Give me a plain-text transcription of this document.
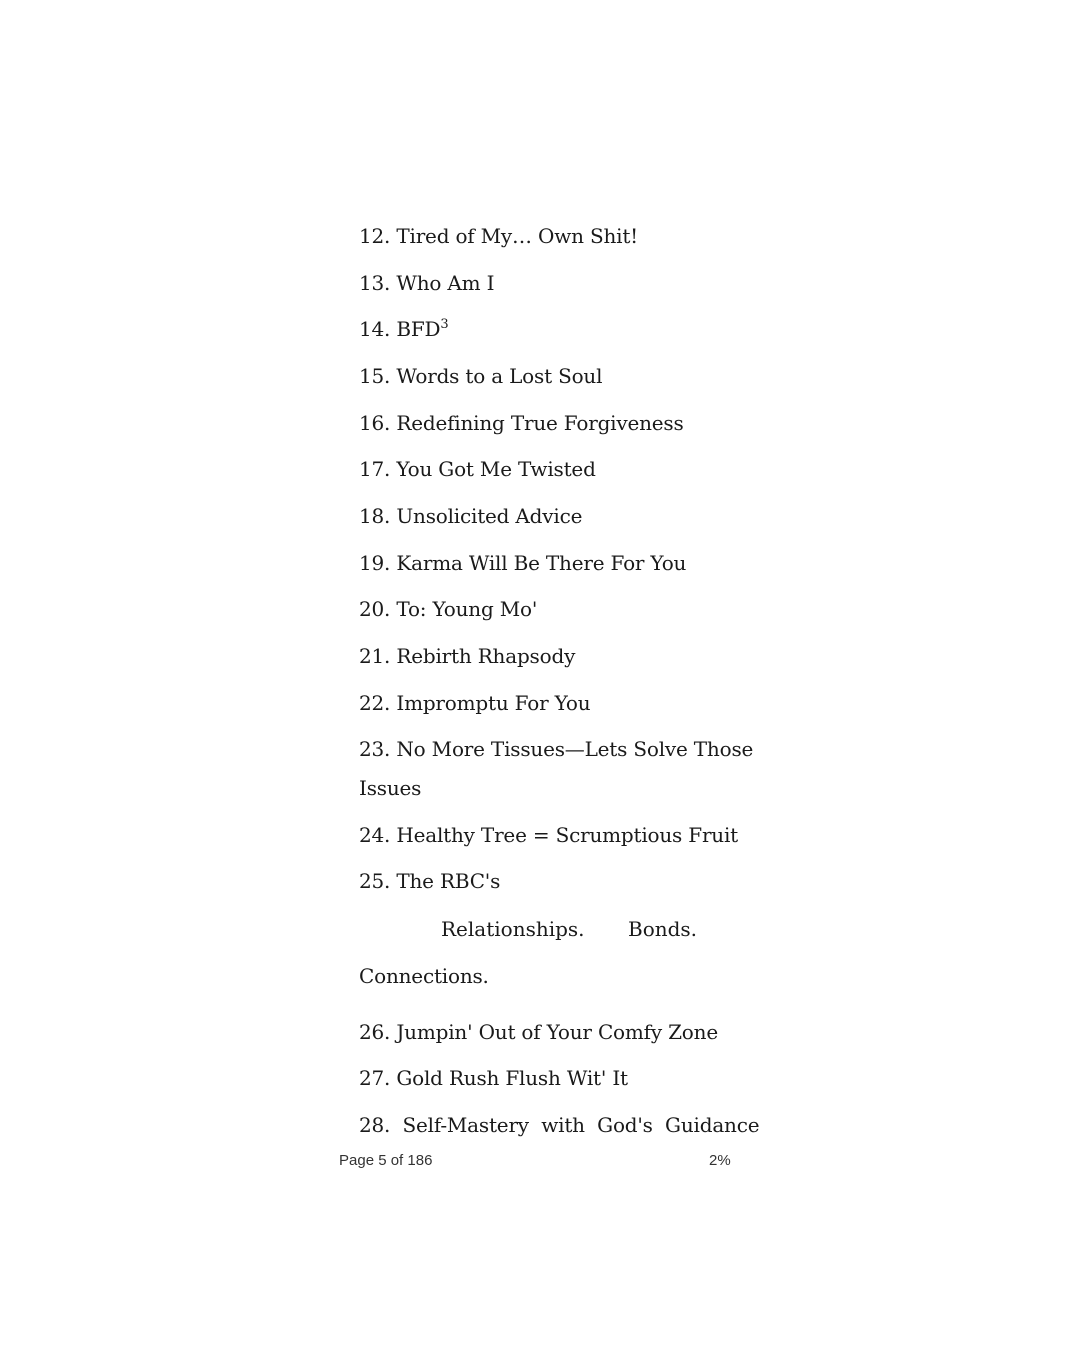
12. Tired of My… Own Shit!
13. Who Am I
14. BFD$^3$
15. Words to a Lost Soul
16. Redefining True Forgiveness
17. You Got Me Twisted
18. Unsolicited Advice
19. Karma Will Be There For You
20. To: Young Mo'
21. Rebirth Rhapsody
22. Impromptu For You
23. No More Tissues—Lets Solve Those
Issues
24. Healthy Tree = Scrumptious Fruit
25. The RBC's
Relationships. Bonds.
Connections.
26. Jumpin' Out of Your Comfy Zone
27. Gold Rush Flush Wit' It
28.  Self-Mastery  with  God's  Guidance
Page 5 of 186	2%
